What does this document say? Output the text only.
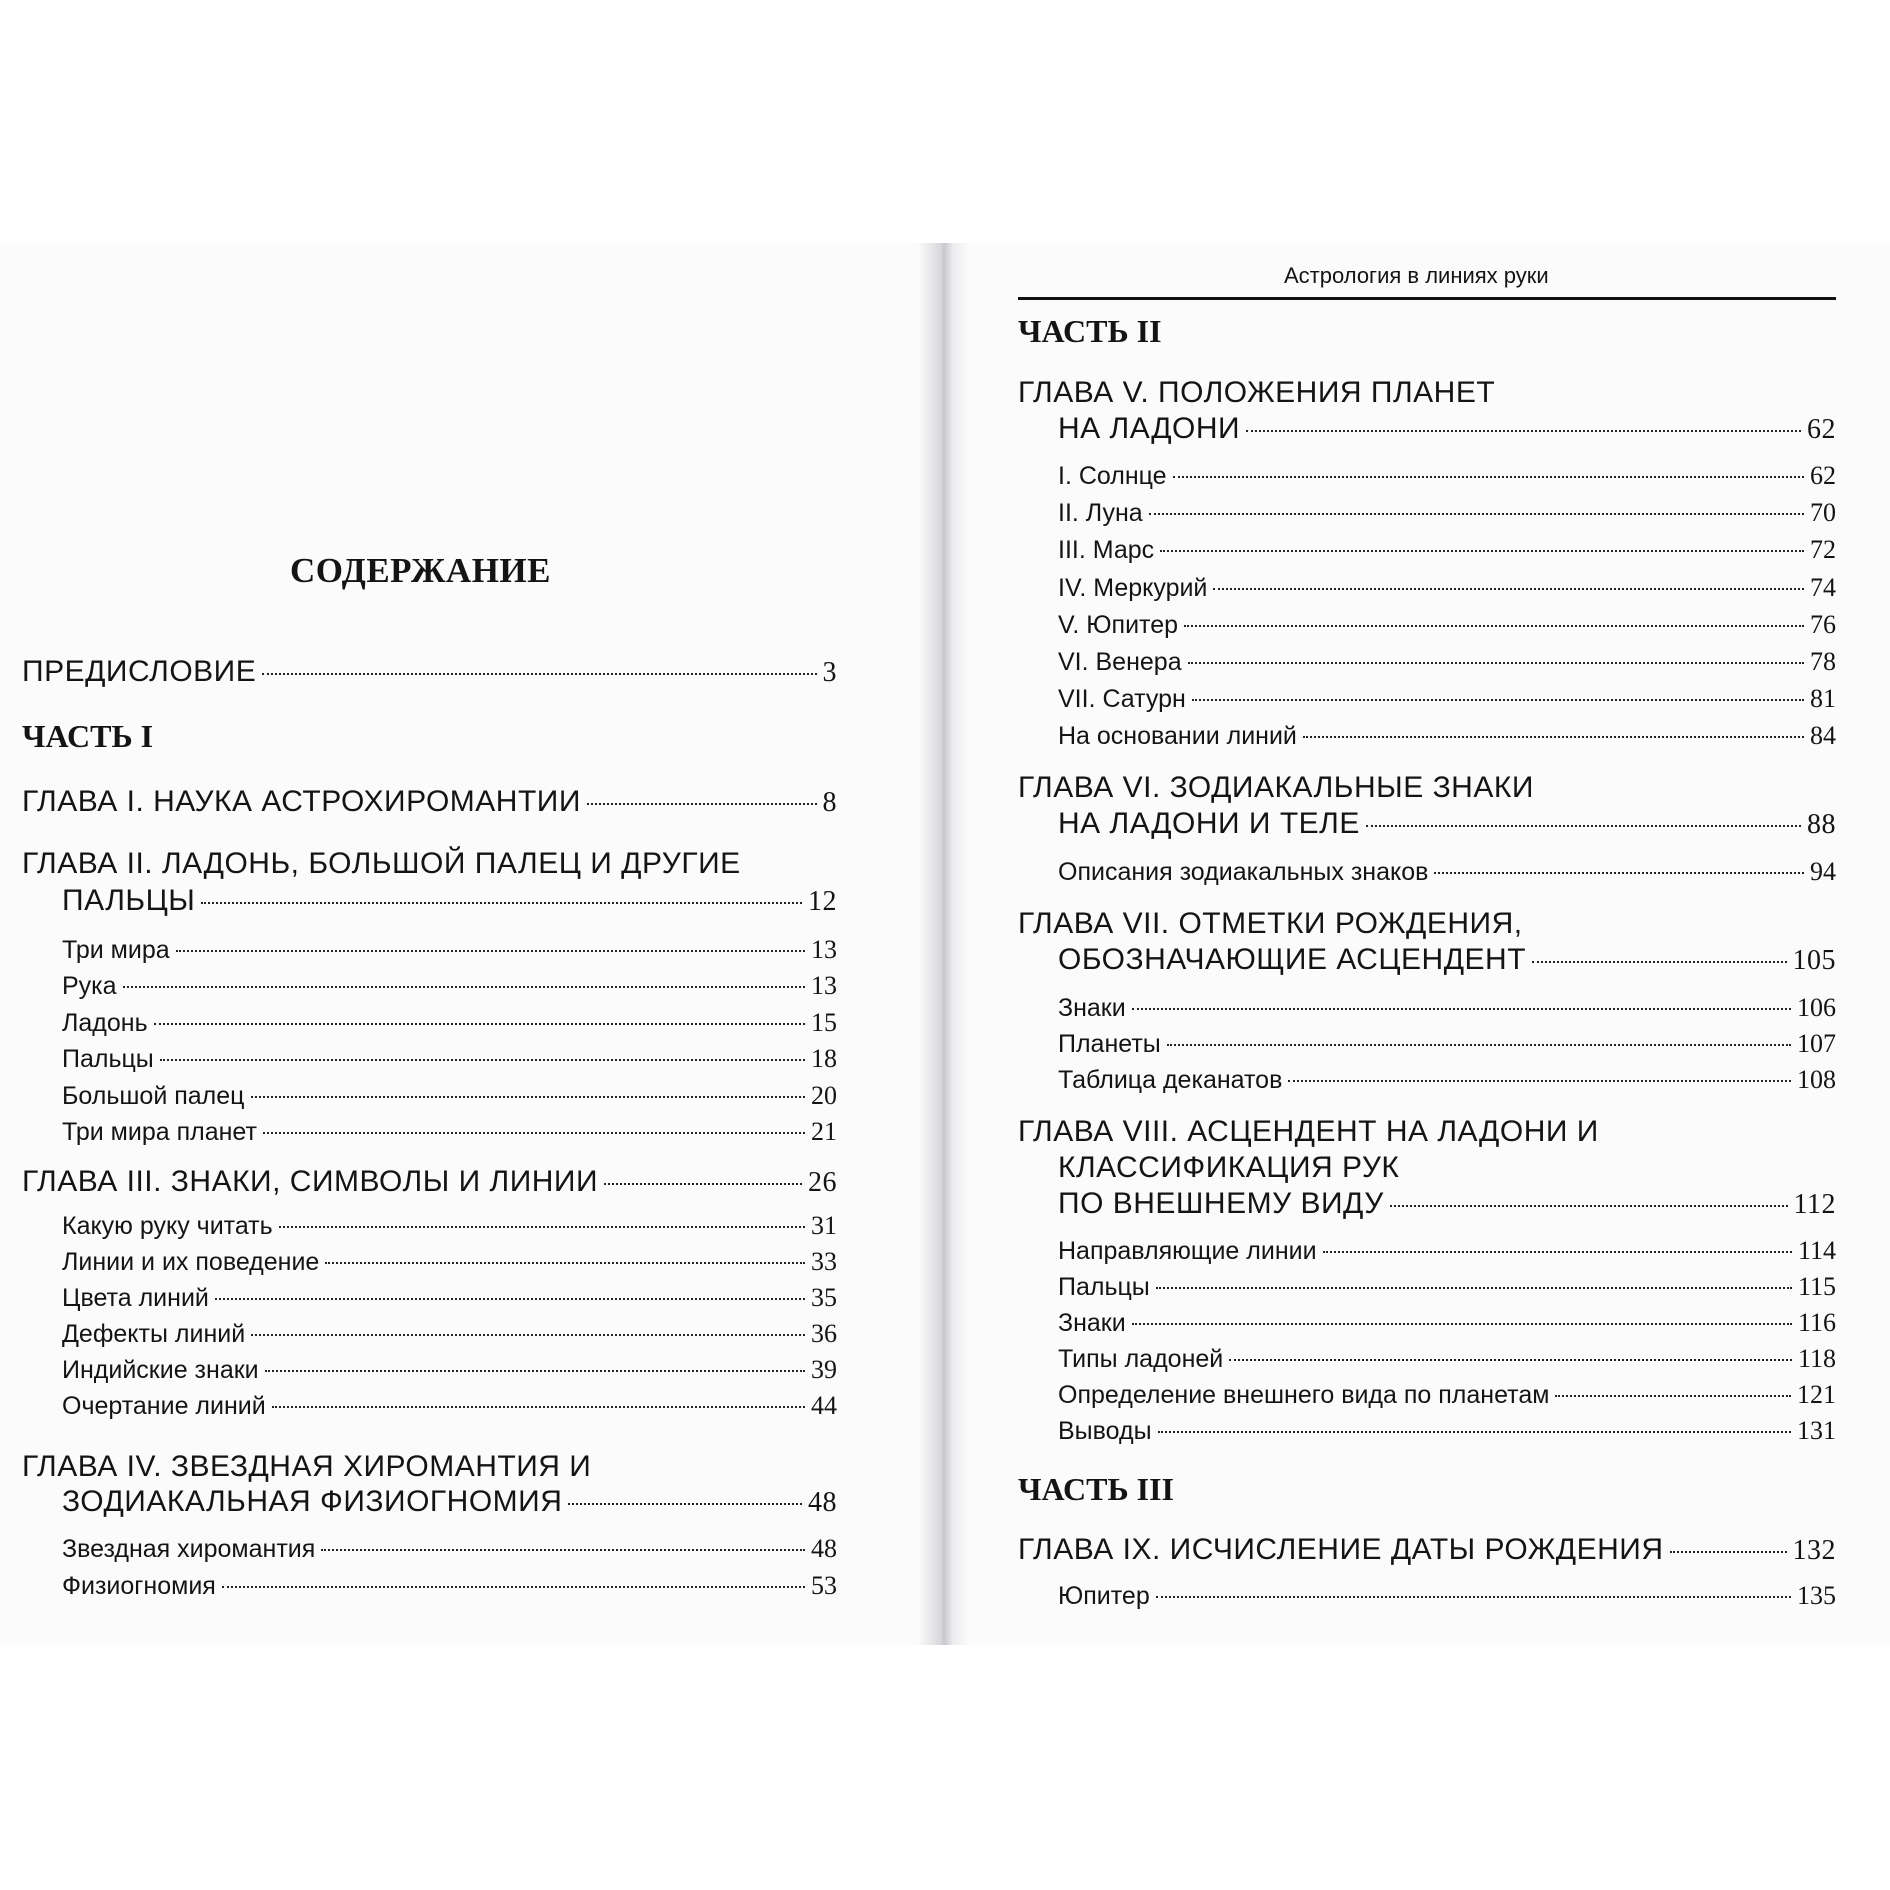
Астрология в линиях руки
СОДЕРЖАНИЕ
ПРЕДИСЛОВИЕ	3
ЧАСТЬ I
ГЛАВА I. НАУКА АСТРОХИРОМАНТИИ	8
ГЛАВА II. ЛАДОНЬ, БОЛЬШОЙ ПАЛЕЦ И ДРУГИЕ
ПАЛЬЦЫ	12
Три мира	13
Рука	13
Ладонь	15
Пальцы	18
Большой палец	20
Три мира планет	21
ГЛАВА III. ЗНАКИ, СИМВОЛЫ И ЛИНИИ	26
Какую руку читать	31
Линии и их поведение	33
Цвета линий	35
Дефекты линий	36
Индийские знаки	39
Очертание линий	44
ГЛАВА IV. ЗВЕЗДНАЯ ХИРОМАНТИЯ И
ЗОДИАКАЛЬНАЯ ФИЗИОГНОМИЯ	48
Звездная хиромантия	48
Физиогномия	53
ЧАСТЬ II
ГЛАВА V. ПОЛОЖЕНИЯ ПЛАНЕТ
НА ЛАДОНИ	62
I. Солнце	62
II. Луна	70
III. Марс	72
IV. Меркурий	74
V. Юпитер	76
VI. Венера	78
VII. Сатурн	81
На основании линий	84
ГЛАВА VI. ЗОДИАКАЛЬНЫЕ ЗНАКИ
НА ЛАДОНИ И ТЕЛЕ	88
Описания зодиакальных знаков	94
ГЛАВА VII. ОТМЕТКИ РОЖДЕНИЯ,
ОБОЗНАЧАЮЩИЕ АСЦЕНДЕНТ	105
Знаки	106
Планеты	107
Таблица деканатов	108
ГЛАВА VIII. АСЦЕНДЕНТ НА ЛАДОНИ И
КЛАССИФИКАЦИЯ РУК
ПО ВНЕШНЕМУ ВИДУ	112
Направляющие линии	114
Пальцы	115
Знаки	116
Типы ладоней	118
Определение внешнего вида по планетам	121
Выводы	131
ЧАСТЬ III
ГЛАВА IX. ИСЧИСЛЕНИЕ ДАТЫ РОЖДЕНИЯ	132
Юпитер	135
